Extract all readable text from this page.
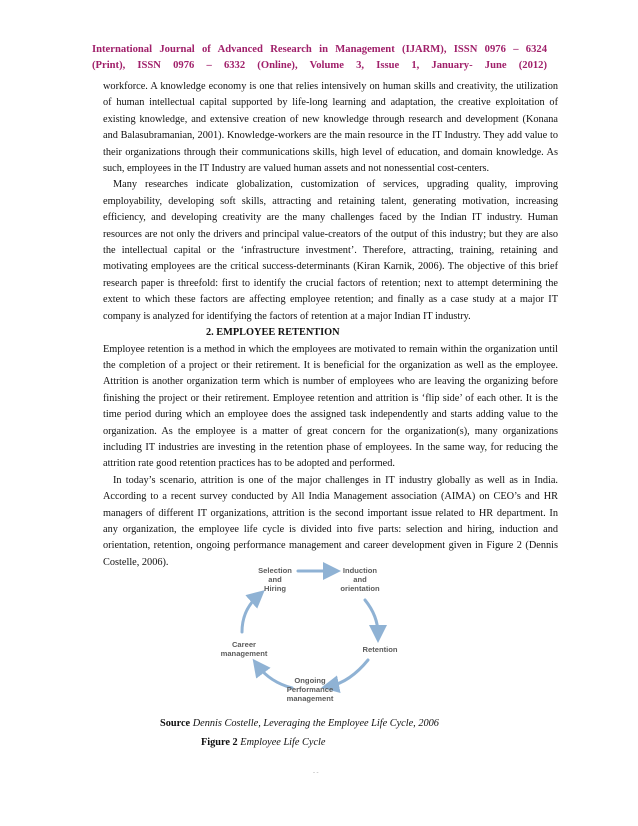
International Journal of Advanced Research in Management (IJARM), ISSN 0976 – 6324
(Print), ISSN 0976 – 6332 (Online), Volume 3, Issue 1, January- June (2012)

workforce. A knowledge economy is one that relies intensively on human skills and creativity, the utilization of human intellectual capital supported by life-long learning and adaptation, the creative exploitation of existing knowledge, and extensive creation of new knowledge through research and development (Konana and Balasubramanian, 2001). Knowledge-workers are the main resource in the IT Industry. They add value to their organizations through their communications skills, high level of education, and domain knowledge. As such, employees in the IT Industry are valued human assets and not nonessential cost-centers.

Many researches indicate globalization, customization of services, upgrading quality, improving employability, developing soft skills, attracting and retaining talent, generating motivation, increasing efficiency, and developing creativity are the many challenges faced by the Indian IT industry. Human resources are not only the drivers and principal value-creators of the output of this industry; but they are also the intellectual capital or the ‘infrastructure investment’. Therefore, attracting, training, retaining and motivating employees are the critical success-determinants (Kiran Karnik, 2006). The objective of this brief research paper is threefold: first to identify the crucial factors of retention; next to attempt determining the extent to which these factors are affecting employee retention; and finally as a case study at a major IT company is analyzed for identifying the factors of retention at a major Indian IT industry.

2. EMPLOYEE RETENTION

Employee retention is a method in which the employees are motivated to remain within the organization until the completion of a project or their retirement. It is beneficial for the organization as well as the employee. Attrition is another organization term which is number of employees who are leaving the organizing before finishing the project or their retirement. Employee retention and attrition is ‘flip side’ of each other. It is the time period during which an employee does the assigned task independently and starts adding value to the organization. As the employee is a matter of great concern for the organization(s), many organizations including IT industries are investing in the retention phase of employees. In the same way, for reducing the attrition rate good retention practices has to be adopted and performed.

In today’s scenario, attrition is one of the major challenges in IT industry globally as well as in India. According to a recent survey conducted by All India Management association (AIMA) on CEO’s and HR managers of different IT organizations, attrition is the second important issue related to HR department. In any organization, the employee life cycle is divided into five parts: selection and hiring, induction and orientation, retention, ongoing performance management and career development given in Figure 2 (Dennis Costelle, 2006).

Selection
and
Hiring
Induction
and
orientation
Retention
Ongoing
Performance
management
Career
management
Source Dennis Costelle, Leveraging the Employee Life Cycle, 2006
Figure 2 Employee Life Cycle
- -
